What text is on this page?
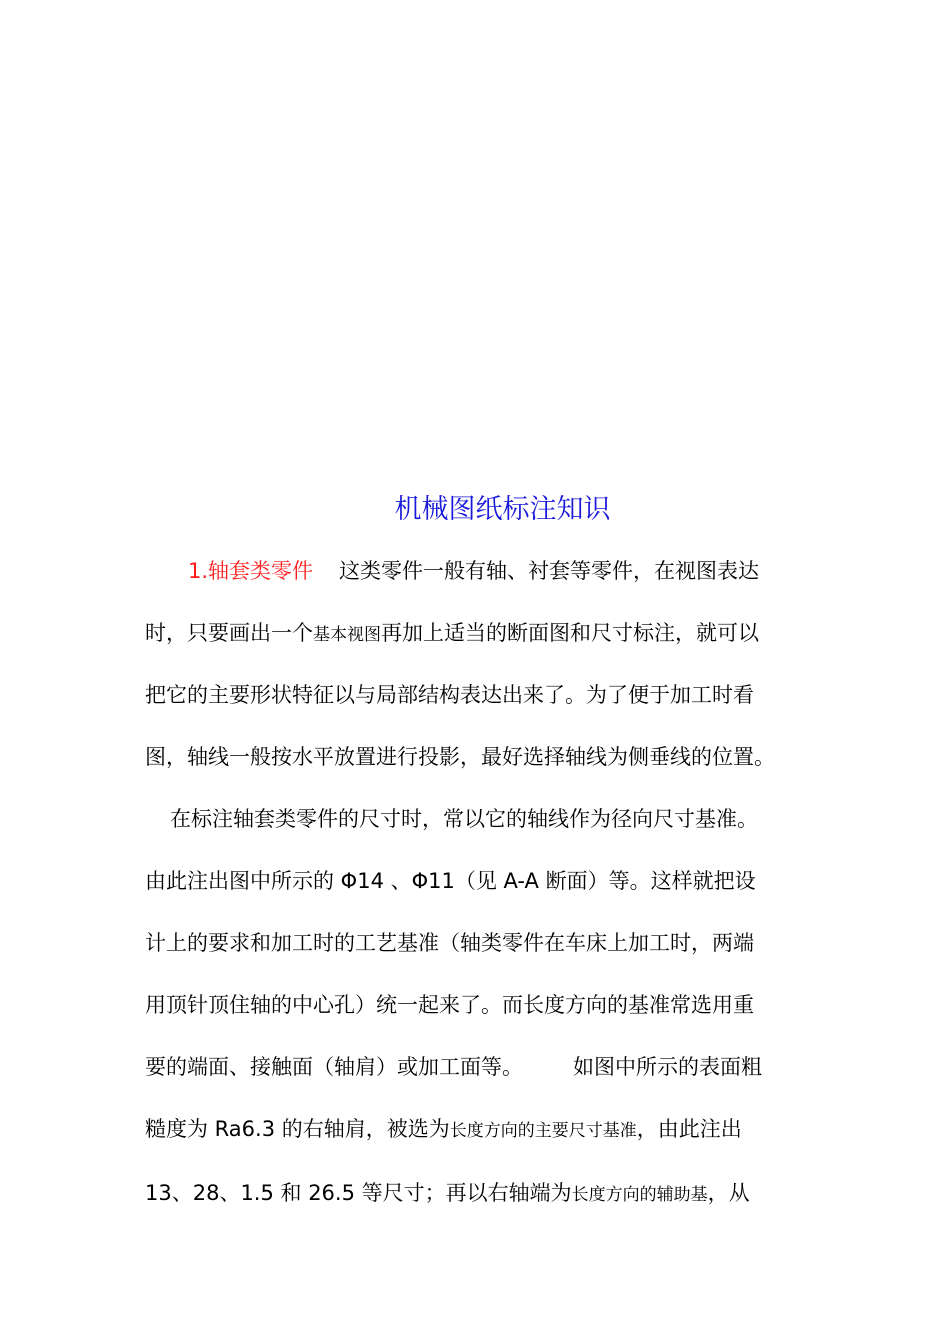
机械图纸标注知识
1.轴套类零件 这类零件一般有轴、衬套等零件，在视图表达
时，只要画出一个基本视图再加上适当的断面图和尺寸标注，就可以
把它的主要形状特征以与局部结构表达出来了。为了便于加工时看
图，轴线一般按水平放置进行投影，最好选择轴线为侧垂线的位置。
在标注轴套类零件的尺寸时，常以它的轴线作为径向尺寸基准。
由此注出图中所示的 Φ14 、Φ11（见 A-A 断面）等。这样就把设
计上的要求和加工时的工艺基准（轴类零件在车床上加工时，两端
用顶针顶住轴的中心孔）统一起来了。而长度方向的基准常选用重
要的端面、接触面（轴肩）或加工面等。 如图中所示的表面粗
糙度为 Ra6.3 的右轴肩，被选为长度方向的主要尺寸基准，由此注出
13、28、1.5 和 26.5 等尺寸；再以右轴端为长度方向的辅助基，从
